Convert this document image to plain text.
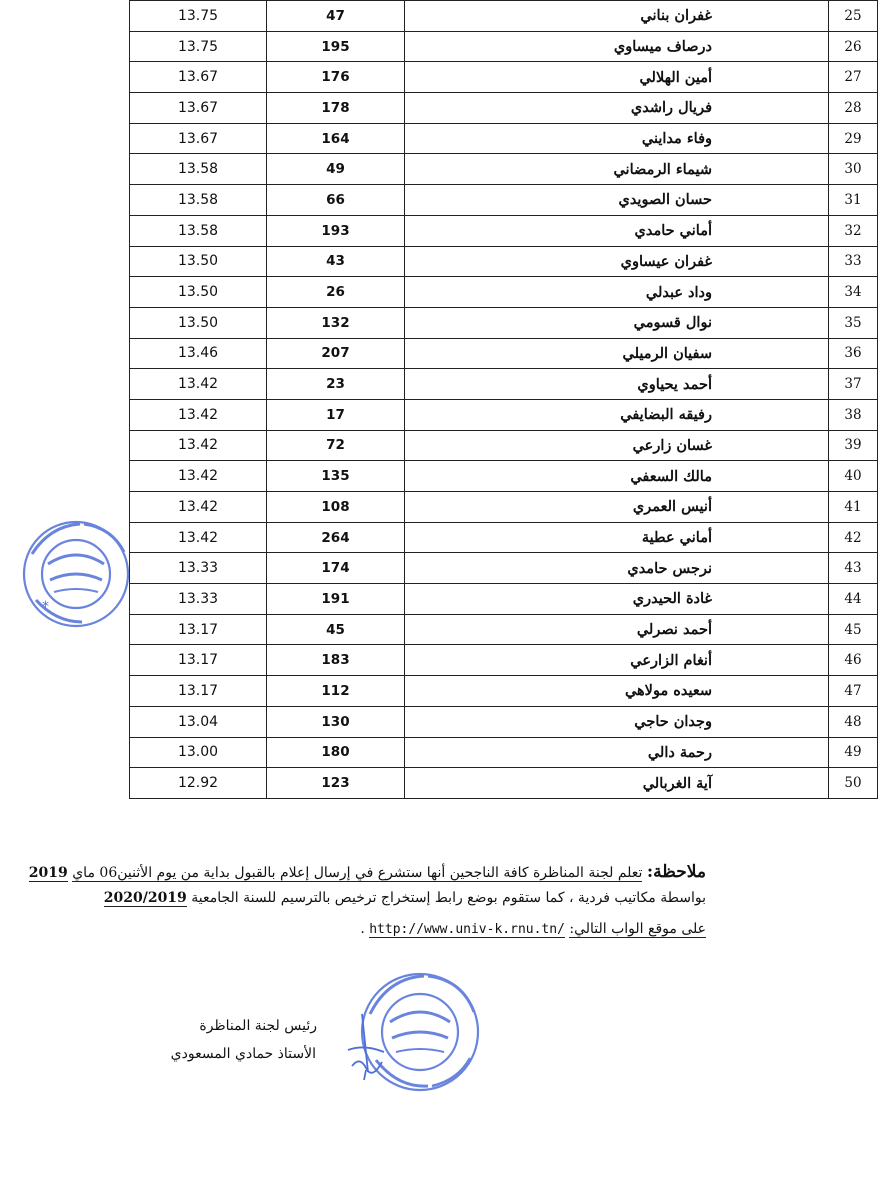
13.75	47	غفران بناني	25
13.75	195	درصاف ميساوي	26
13.67	176	أمين الهلالي	27
13.67	178	فريال راشدي	28
13.67	164	وفاء مدايني	29
13.58	49	شيماء الرمضاني	30
13.58	66	حسان الصويدي	31
13.58	193	أماني حامدي	32
13.50	43	غفران عيساوي	33
13.50	26	وداد عبدلي	34
13.50	132	نوال قسومي	35
13.46	207	سفيان الرميلي	36
13.42	23	أحمد يحياوي	37
13.42	17	رفيقه البضايفي	38
13.42	72	غسان زارعي	39
13.42	135	مالك السعفي	40
13.42	108	أنيس العمري	41
13.42	264	أماني عطية	42
13.33	174	نرجس حامدي	43
13.33	191	غادة الحيدري	44
13.17	45	أحمد نصرلي	45
13.17	183	أنغام الزارعي	46
13.17	112	سعيده مولاهي	47
13.04	130	وجدان حاجي	48
13.00	180	رحمة دالي	49
12.92	123	آية الغربالي	50
*
ملاحظة: تعلم لجنة المناظرة كافة الناجحين أنها ستشرع في إرسال إعلام بالقبول بداية من يوم الأثنين06 ماي 2019
بواسطة مكاتيب فردية ، كما ستقوم بوضع رابط إستخراج ترخيص بالترسيم للسنة الجامعية 2020/2019
على موقع الواب التالي: http://www.univ-k.rnu.tn/ .
رئيس لجنة المناظرة
الأستاذ حمادي المسعودي
